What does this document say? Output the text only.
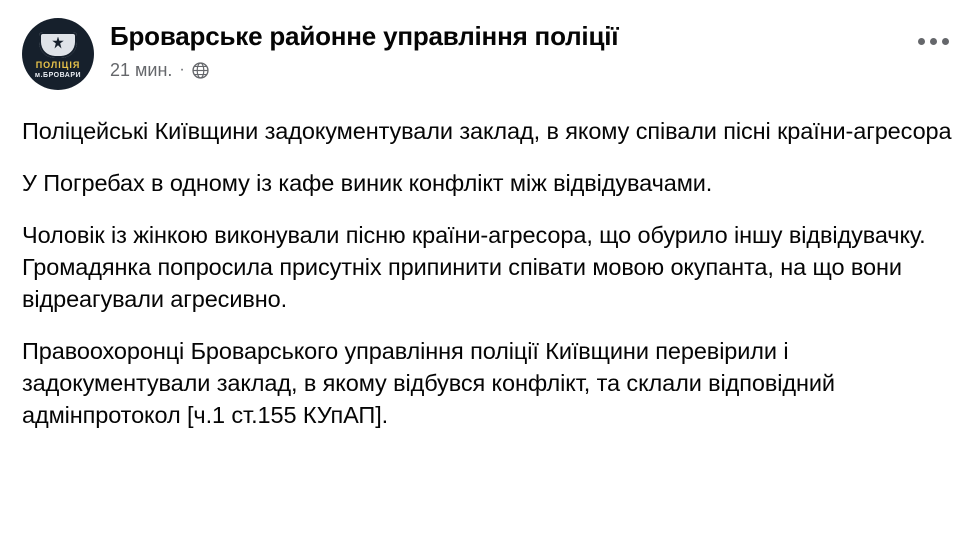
ПОЛІЦІЯ
м.БРОВАРИ
Броварське районне управління поліції
21 мин. ·

Поліцейські Київщини задокументували заклад, в якому співали пісні країни-агресора

У Погребах в одному із кафе виник конфлікт між відвідувачами.

Чоловік із жінкою виконували пісню країни-агресора, що обурило іншу відвідувачку. Громадянка попросила присутніх припинити співати мовою окупанта, на що вони відреагували агресивно.

Правоохоронці Броварського управління поліції Київщини перевірили і задокументували заклад, в якому відбувся конфлікт, та склали відповідний адмінпротокол [ч.1 ст.155 КУпАП].
